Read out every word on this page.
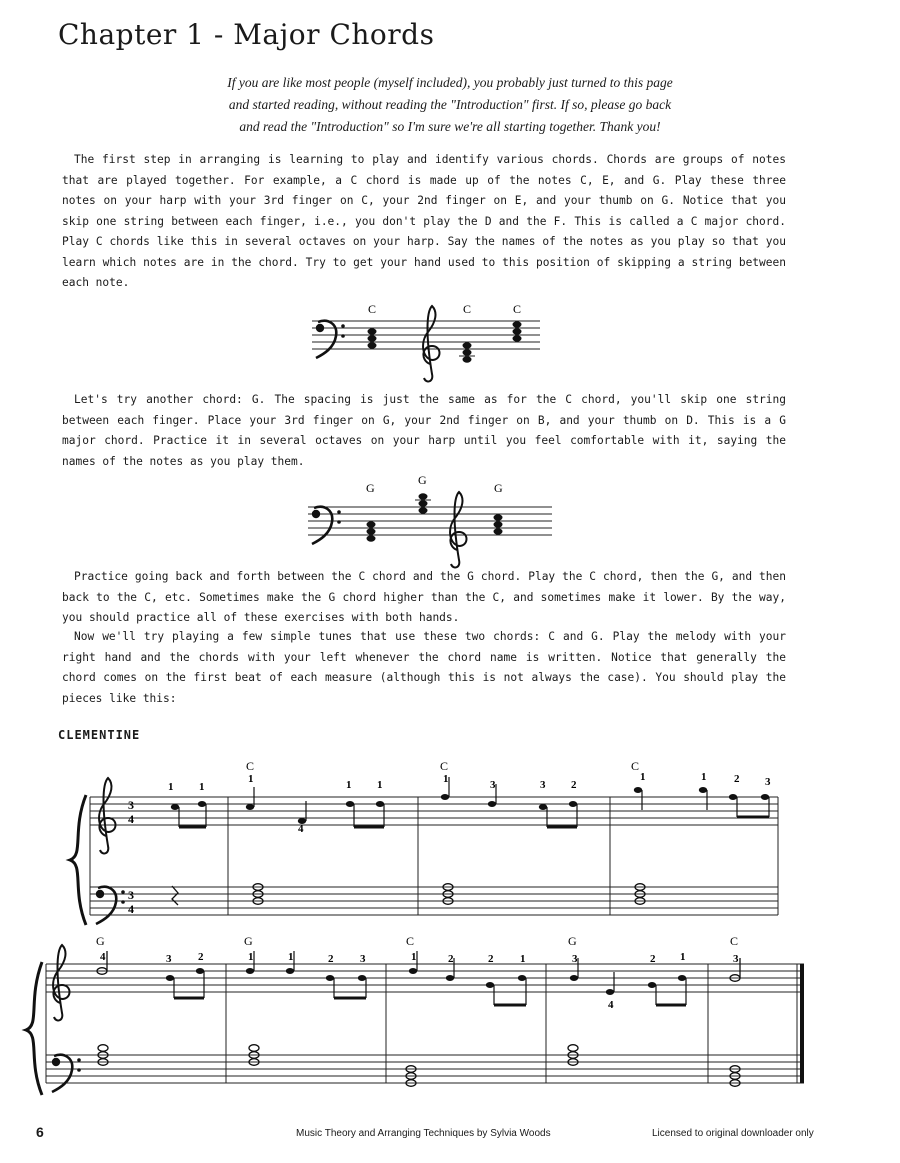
Chapter 1 - Major Chords
If you are like most people (myself included), you probably just turned to this page
and started reading, without reading the "Introduction" first. If so, please go back
and read the "Introduction" so I'm sure we're all starting together. Thank you!
The first step in arranging is learning to play and identify various chords. Chords are groups of notes that are played together. For example, a C chord is made up of the notes C, E, and G. Play these three notes on your harp with your 3rd finger on C, your 2nd finger on E, and your thumb on G. Notice that you skip one string between each finger, i.e., you don't play the D and the F. This is called a C major chord. Play C chords like this in several octaves on your harp. Say the names of the notes as you play so that you learn which notes are in the chord. Try to get your hand used to this position of skipping a string between each note.
Let's try another chord: G. The spacing is just the same as for the C chord, you'll skip one string between each finger. Place your 3rd finger on G, your 2nd finger on B, and your thumb on D. This is a G major chord. Practice it in several octaves on your harp until you feel comfortable with it, saying the names of the notes as you play them.
Practice going back and forth between the C chord and the G chord. Play the C chord, then the G, and then back to the C, etc. Sometimes make the G chord higher than the C, and sometimes make it lower. By the way, you should practice all of these exercises with both hands.
Now we'll try playing a few simple tunes that use these two chords: C and G. Play the melody with your right hand and the chords with your left whenever the chord name is written. Notice that generally the chord comes on the first beat of each measure (although this is not always the case). You should play the pieces like this:
CLEMENTINE
C	C	C
G
G
G
3
4
3
4
1 1
1
4
1 1	1	3	3 2
1	1	2 3
C	C	C
4	3 2	1	1	2 3	1	2	2 1	3
4
2 1	3
G	G	C	G	C
6	Music Theory and Arranging Techniques by Sylvia Woods	Licensed to original downloader only
